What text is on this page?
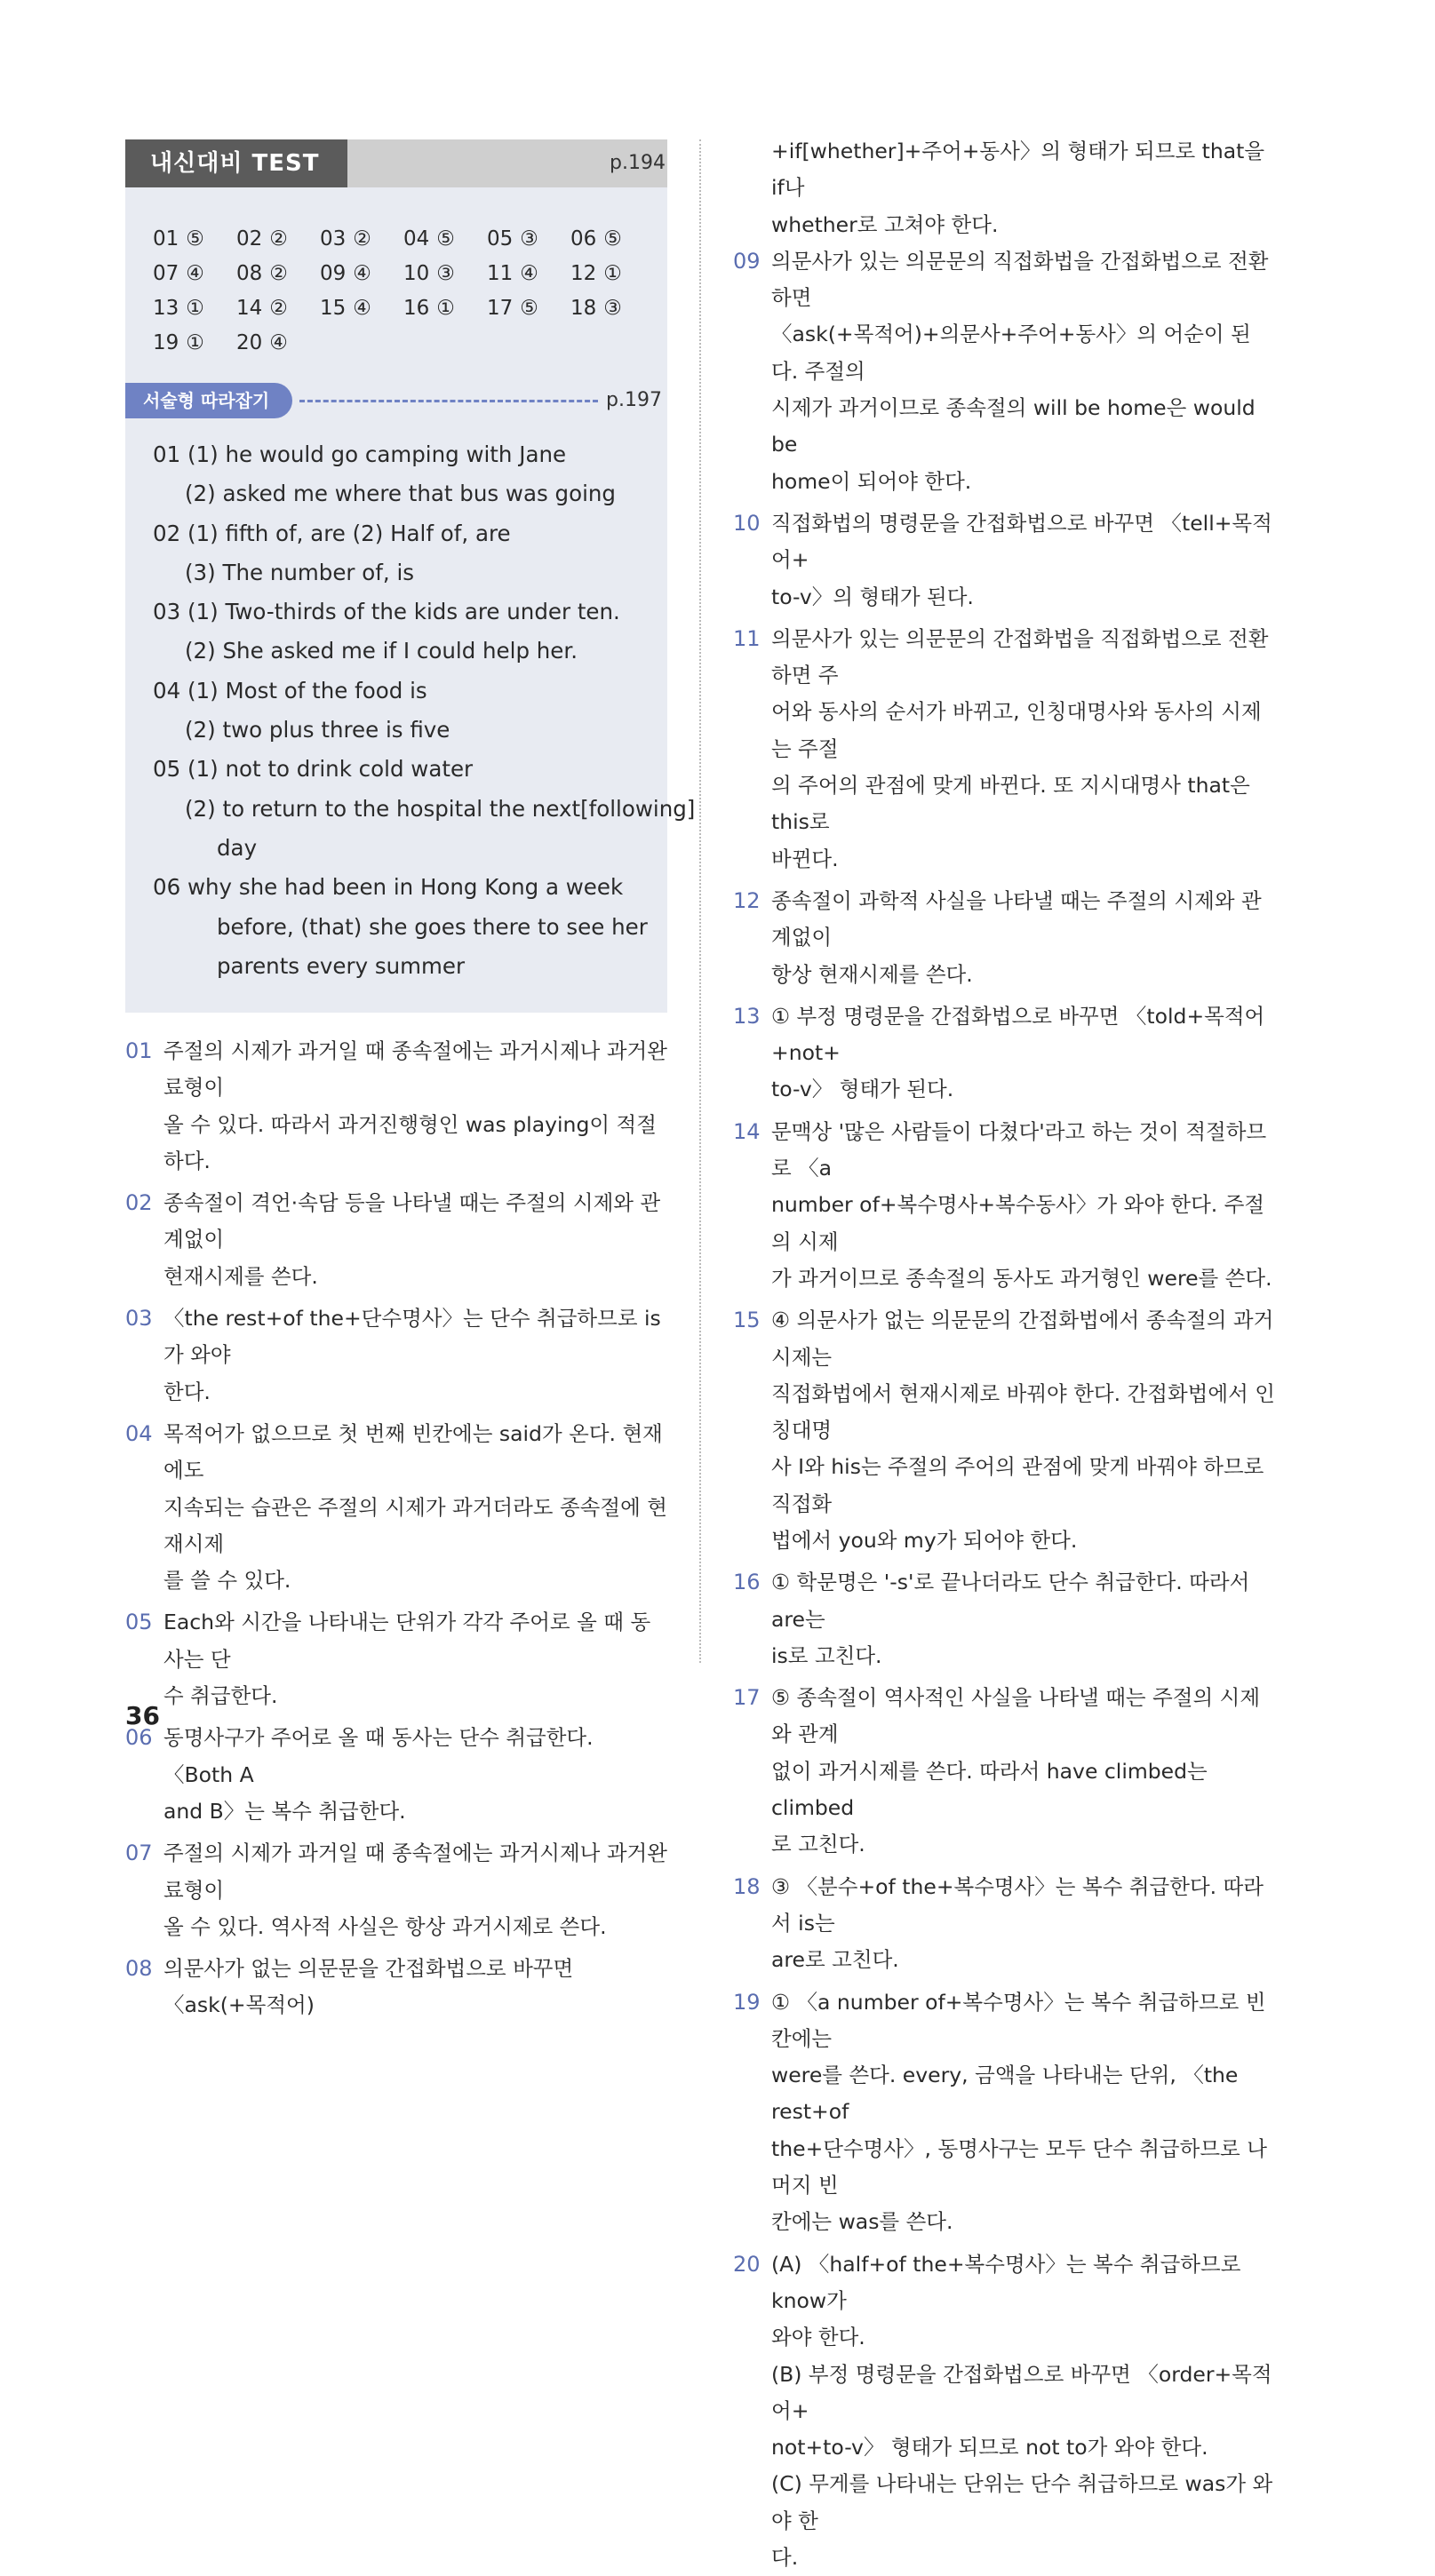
내신대비 TEST	p.194
01 ⑤	02 ②	03 ②	04 ⑤	05 ③	06 ⑤
07 ④	08 ②	09 ④	10 ③	11 ④	12 ①
13 ①	14 ②	15 ④	16 ①	17 ⑤	18 ③
19 ①	20 ④
서술형 따라잡기	p.197
01 (1) he would go camping with Jane
(2) asked me where that bus was going
02 (1) fifth of, are (2) Half of, are
(3) The number of, is
03 (1) Two-thirds of the kids are under ten.
(2) She asked me if I could help her.
04 (1) Most of the food is
(2) two plus three is five
05 (1) not to drink cold water
(2) to return to the hospital the next[following]
day
06 why she had been in Hong Kong a week
before, (that) she goes there to see her
parents every summer
01 주절의 시제가 과거일 때 종속절에는 과거시제나 과거완료형이
올 수 있다. 따라서 과거진행형인 was playing이 적절하다.
02 종속절이 격언·속담 등을 나타낼 때는 주절의 시제와 관계없이
현재시제를 쓴다.
03 〈the rest+of the+단수명사〉는 단수 취급하므로 is가 와야
한다.
04 목적어가 없으므로 첫 번째 빈칸에는 said가 온다. 현재에도
지속되는 습관은 주절의 시제가 과거더라도 종속절에 현재시제
를 쓸 수 있다.
05 Each와 시간을 나타내는 단위가 각각 주어로 올 때 동사는 단
수 취급한다.
06 동명사구가 주어로 올 때 동사는 단수 취급한다. 〈Both A
and B〉는 복수 취급한다.
07 주절의 시제가 과거일 때 종속절에는 과거시제나 과거완료형이
올 수 있다. 역사적 사실은 항상 과거시제로 쓴다.
08 의문사가 없는 의문문을 간접화법으로 바꾸면 〈ask(+목적어)
+if[whether]+주어+동사〉의 형태가 되므로 that을 if나
whether로 고쳐야 한다.
09 의문사가 있는 의문문의 직접화법을 간접화법으로 전환하면
〈ask(+목적어)+의문사+주어+동사〉의 어순이 된다. 주절의
시제가 과거이므로 종속절의 will be home은 would be
home이 되어야 한다.
10 직접화법의 명령문을 간접화법으로 바꾸면 〈tell+목적어+
to-v〉의 형태가 된다.
11 의문사가 있는 의문문의 간접화법을 직접화법으로 전환하면 주
어와 동사의 순서가 바뀌고, 인칭대명사와 동사의 시제는 주절
의 주어의 관점에 맞게 바뀐다. 또 지시대명사 that은 this로
바뀐다.
12 종속절이 과학적 사실을 나타낼 때는 주절의 시제와 관계없이
항상 현재시제를 쓴다.
13 ① 부정 명령문을 간접화법으로 바꾸면 〈told+목적어+not+
to-v〉 형태가 된다.
14 문맥상 '많은 사람들이 다쳤다'라고 하는 것이 적절하므로 〈a
number of+복수명사+복수동사〉가 와야 한다. 주절의 시제
가 과거이므로 종속절의 동사도 과거형인 were를 쓴다.
15 ④ 의문사가 없는 의문문의 간접화법에서 종속절의 과거시제는
직접화법에서 현재시제로 바꿔야 한다. 간접화법에서 인칭대명
사 I와 his는 주절의 주어의 관점에 맞게 바꿔야 하므로 직접화
법에서 you와 my가 되어야 한다.
16 ① 학문명은 '-s'로 끝나더라도 단수 취급한다. 따라서 are는
is로 고친다.
17 ⑤ 종속절이 역사적인 사실을 나타낼 때는 주절의 시제와 관계
없이 과거시제를 쓴다. 따라서 have climbed는 climbed
로 고친다.
18 ③ 〈분수+of the+복수명사〉는 복수 취급한다. 따라서 is는
are로 고친다.
19 ① 〈a number of+복수명사〉는 복수 취급하므로 빈칸에는
were를 쓴다. every, 금액을 나타내는 단위, 〈the rest+of
the+단수명사〉, 동명사구는 모두 단수 취급하므로 나머지 빈
칸에는 was를 쓴다.
20 (A) 〈half+of the+복수명사〉는 복수 취급하므로 know가
와야 한다.
(B) 부정 명령문을 간접화법으로 바꾸면 〈order+목적어+
not+to-v〉 형태가 되므로 not to가 와야 한다.
(C) 무게를 나타내는 단위는 단수 취급하므로 was가 와야 한
다.
36
